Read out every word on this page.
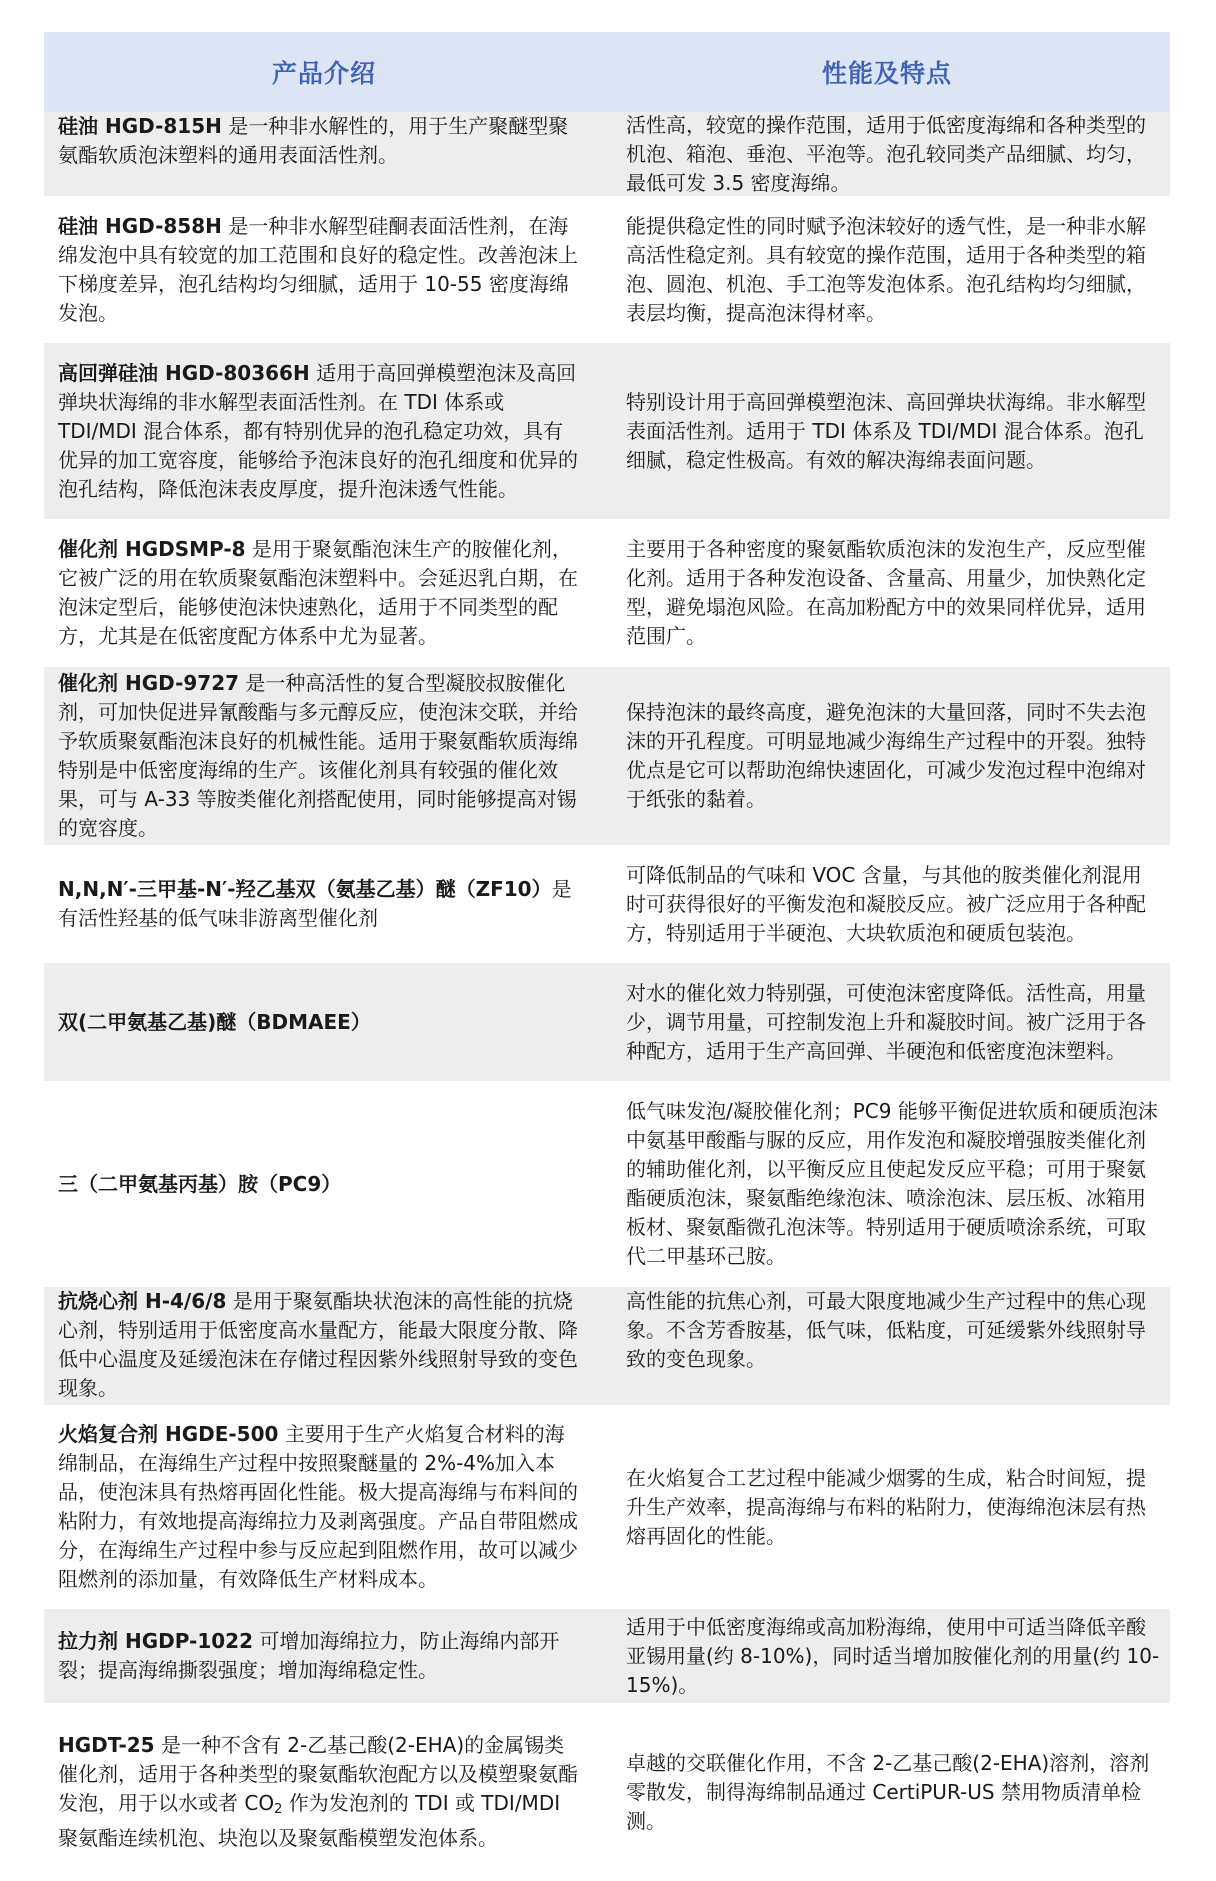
产品介绍	性能及特点
硅油 HGD-815H 是一种非水解性的，用于生产聚醚型聚氨酯软质泡沫塑料的通用表面活性剂。
活性高，较宽的操作范围，适用于低密度海绵和各种类型的机泡、箱泡、垂泡、平泡等。泡孔较同类产品细腻、均匀，最低可发 3.5 密度海绵。
硅油 HGD-858H 是一种非水解型硅酮表面活性剂，在海绵发泡中具有较宽的加工范围和良好的稳定性。改善泡沫上下梯度差异，泡孔结构均匀细腻，适用于 10-55 密度海绵发泡。
能提供稳定性的同时赋予泡沫较好的透气性，是一种非水解高活性稳定剂。具有较宽的操作范围，适用于各种类型的箱泡、圆泡、机泡、手工泡等发泡体系。泡孔结构均匀细腻，表层均衡，提高泡沫得材率。
高回弹硅油 HGD-80366H 适用于高回弹模塑泡沫及高回弹块状海绵的非水解型表面活性剂。在 TDI 体系或 TDI/MDI 混合体系，都有特别优异的泡孔稳定功效，具有优异的加工宽容度，能够给予泡沫良好的泡孔细度和优异的泡孔结构，降低泡沫表皮厚度，提升泡沫透气性能。
特别设计用于高回弹模塑泡沫、高回弹块状海绵。非水解型表面活性剂。适用于 TDI 体系及 TDI/MDI 混合体系。泡孔细腻，稳定性极高。有效的解决海绵表面问题。
催化剂 HGDSMP-8 是用于聚氨酯泡沫生产的胺催化剂，它被广泛的用在软质聚氨酯泡沫塑料中。会延迟乳白期，在泡沫定型后，能够使泡沫快速熟化，适用于不同类型的配方，尤其是在低密度配方体系中尤为显著。
主要用于各种密度的聚氨酯软质泡沫的发泡生产，反应型催化剂。适用于各种发泡设备、含量高、用量少，加快熟化定型，避免塌泡风险。在高加粉配方中的效果同样优异，适用范围广。
催化剂 HGD-9727 是一种高活性的复合型凝胶叔胺催化剂，可加快促进异氰酸酯与多元醇反应，使泡沫交联，并给予软质聚氨酯泡沫良好的机械性能。适用于聚氨酯软质海绵特别是中低密度海绵的生产。该催化剂具有较强的催化效果，可与 A-33 等胺类催化剂搭配使用，同时能够提高对锡的宽容度。
保持泡沫的最终高度，避免泡沫的大量回落，同时不失去泡沫的开孔程度。可明显地减少海绵生产过程中的开裂。独特优点是它可以帮助泡绵快速固化，可减少发泡过程中泡绵对于纸张的黏着。
N,N,N′-三甲基-N′-羟乙基双（氨基乙基）醚（ZF10）是有活性羟基的低气味非游离型催化剂
可降低制品的气味和 VOC 含量，与其他的胺类催化剂混用时可获得很好的平衡发泡和凝胶反应。被广泛应用于各种配方，特别适用于半硬泡、大块软质泡和硬质包装泡。
双(二甲氨基乙基)醚（BDMAEE）
对水的催化效力特别强，可使泡沫密度降低。活性高，用量少，调节用量，可控制发泡上升和凝胶时间。被广泛用于各种配方，适用于生产高回弹、半硬泡和低密度泡沫塑料。
三（二甲氨基丙基）胺（PC9）
低气味发泡/凝胶催化剂；PC9 能够平衡促进软质和硬质泡沫中氨基甲酸酯与脲的反应，用作发泡和凝胶增强胺类催化剂的辅助催化剂，以平衡反应且使起发反应平稳；可用于聚氨酯硬质泡沫，聚氨酯绝缘泡沫、喷涂泡沫、层压板、冰箱用板材、聚氨酯微孔泡沫等。特别适用于硬质喷涂系统，可取代二甲基环己胺。
抗烧心剂 H-4/6/8 是用于聚氨酯块状泡沫的高性能的抗烧心剂，特别适用于低密度高水量配方，能最大限度分散、降低中心温度及延缓泡沫在存储过程因紫外线照射导致的变色现象。
高性能的抗焦心剂，可最大限度地减少生产过程中的焦心现象。不含芳香胺基，低气味，低粘度，可延缓紫外线照射导致的变色现象。
火焰复合剂 HGDE-500 主要用于生产火焰复合材料的海绵制品，在海绵生产过程中按照聚醚量的 2%-4%加入本品，使泡沫具有热熔再固化性能。极大提高海绵与布料间的粘附力，有效地提高海绵拉力及剥离强度。产品自带阻燃成分，在海绵生产过程中参与反应起到阻燃作用，故可以减少阻燃剂的添加量，有效降低生产材料成本。
在火焰复合工艺过程中能减少烟雾的生成，粘合时间短，提升生产效率，提高海绵与布料的粘附力，使海绵泡沫层有热熔再固化的性能。
拉力剂 HGDP-1022 可增加海绵拉力，防止海绵内部开裂；提高海绵撕裂强度；增加海绵稳定性。
适用于中低密度海绵或高加粉海绵，使用中可适当降低辛酸亚锡用量(约 8-10%)，同时适当增加胺催化剂的用量(约 10-15%)。
HGDT-25 是一种不含有 2-乙基己酸(2-EHA)的金属锡类催化剂，适用于各种类型的聚氨酯软泡配方以及模塑聚氨酯发泡，用于以水或者 $CO_2$ 作为发泡剂的 TDI 或 TDI/MDI 聚氨酯连续机泡、块泡以及聚氨酯模塑发泡体系。
卓越的交联催化作用，不含 2-乙基己酸(2-EHA)溶剂，溶剂零散发，制得海绵制品通过 CertiPUR-US 禁用物质清单检测。
